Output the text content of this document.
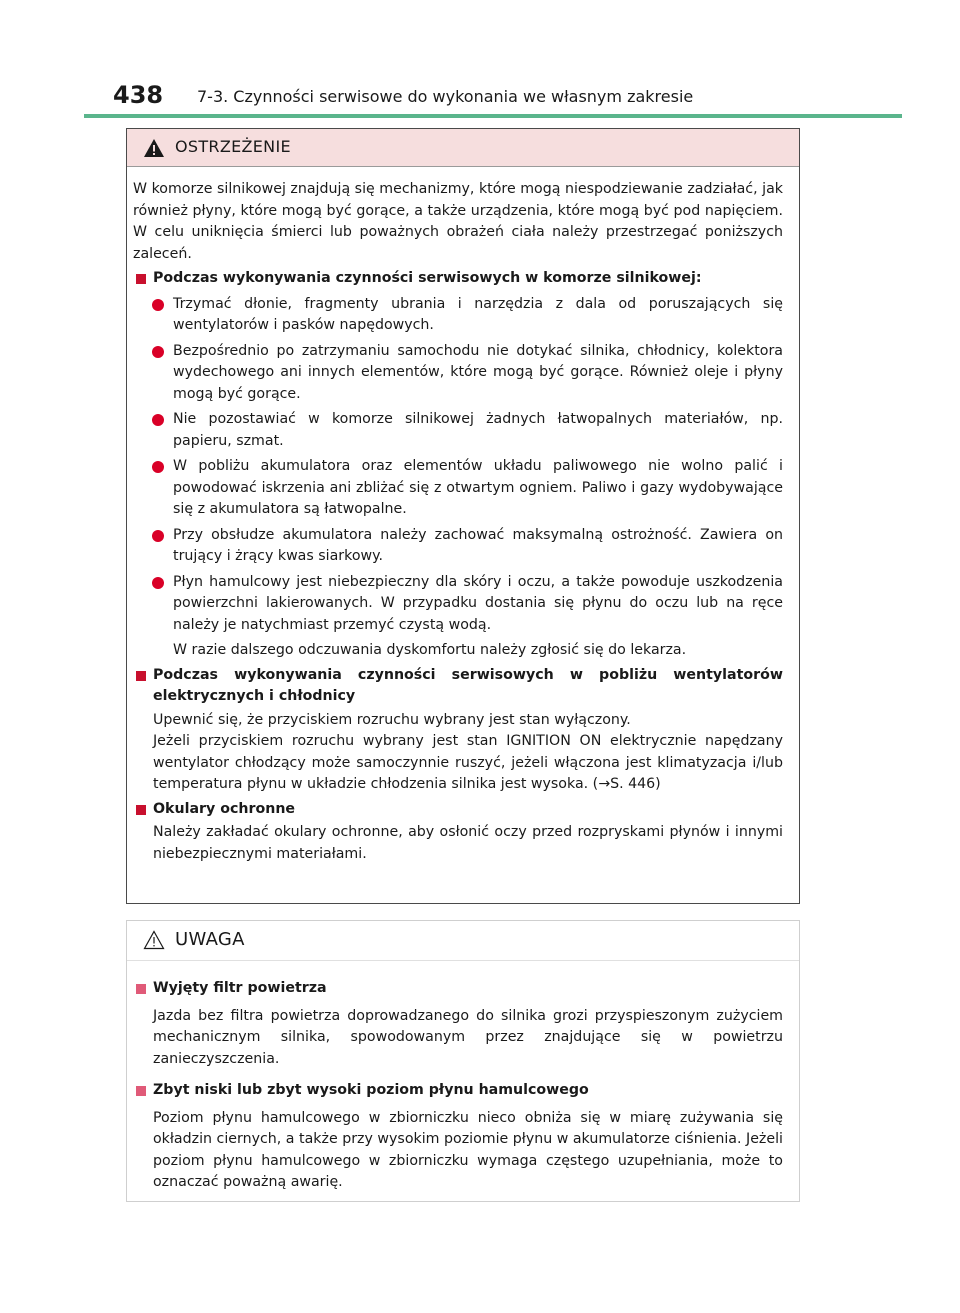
438 7-3. Czynności serwisowe do wykonania we własnym zakresie
OSTRZEŻENIE

W komorze silnikowej znajdują się mechanizmy, które mogą niespodziewanie zadziałać, jak również płyny, które mogą być gorące, a także urządzenia, które mogą być pod napięciem. W celu uniknięcia śmierci lub poważnych obrażeń ciała należy przestrzegać poniższych zaleceń.

Podczas wykonywania czynności serwisowych w komorze silnikowej:

Trzymać dłonie, fragmenty ubrania i narzędzia z dala od poruszających się wentylatorów i pasków napędowych.

Bezpośrednio po zatrzymaniu samochodu nie dotykać silnika, chłodnicy, kolektora wydechowego ani innych elementów, które mogą być gorące. Również oleje i płyny mogą być gorące.

Nie pozostawiać w komorze silnikowej żadnych łatwopalnych materiałów, np. papieru, szmat.

W pobliżu akumulatora oraz elementów układu paliwowego nie wolno palić i powodować iskrzenia ani zbliżać się z otwartym ogniem. Paliwo i gazy wydobywające się z akumulatora są łatwopalne.

Przy obsłudze akumulatora należy zachować maksymalną ostrożność. Zawiera on trujący i żrący kwas siarkowy.

Płyn hamulcowy jest niebezpieczny dla skóry i oczu, a także powoduje uszkodzenia powierzchni lakierowanych. W przypadku dostania się płynu do oczu lub na ręce należy je natychmiast przemyć czystą wodą.

W razie dalszego odczuwania dyskomfortu należy zgłosić się do lekarza.

Podczas wykonywania czynności serwisowych w pobliżu wentylatorów elektrycznych i chłodnicy

Upewnić się, że przyciskiem rozruchu wybrany jest stan wyłączony.

Jeżeli przyciskiem rozruchu wybrany jest stan IGNITION ON elektrycznie napędzany wentylator chłodzący może samoczynnie ruszyć, jeżeli włączona jest klimatyzacja i/lub temperatura płynu w układzie chłodzenia silnika jest wysoka. (→S. 446)

Okulary ochronne

Należy zakładać okulary ochronne, aby osłonić oczy przed rozpryskami płynów i innymi niebezpiecznymi materiałami.

UWAGA

Wyjęty filtr powietrza

Jazda bez filtra powietrza doprowadzanego do silnika grozi przyspieszonym zużyciem mechanicznym silnika, spowodowanym przez znajdujące się w powietrzu zanieczyszczenia.

Zbyt niski lub zbyt wysoki poziom płynu hamulcowego

Poziom płynu hamulcowego w zbiorniczku nieco obniża się w miarę zużywania się okładzin ciernych, a także przy wysokim poziomie płynu w akumulatorze ciśnienia. Jeżeli poziom płynu hamulcowego w zbiorniczku wymaga częstego uzupełniania, może to oznaczać poważną awarię.
